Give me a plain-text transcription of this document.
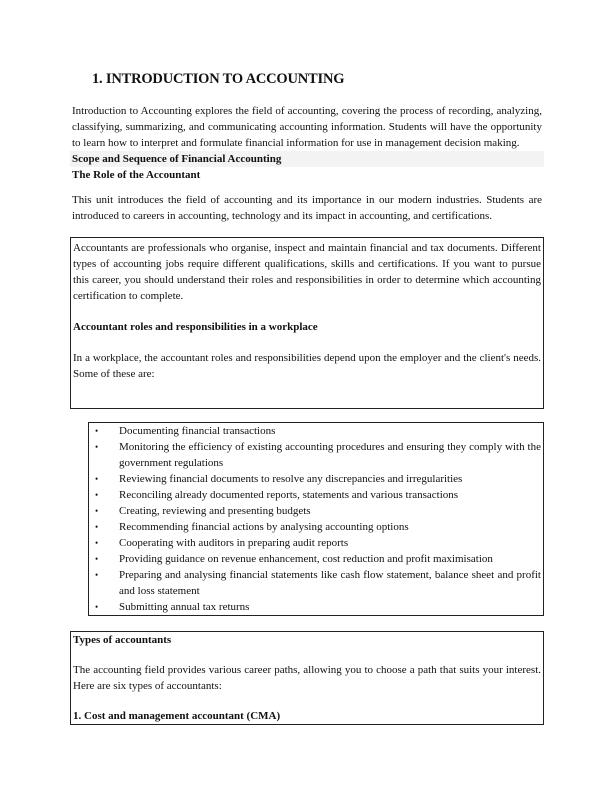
1. INTRODUCTION TO ACCOUNTING

Introduction to Accounting explores the field of accounting, covering the process of recording, analyzing, classifying, summarizing, and communicating accounting information. Students will have the opportunity to learn how to interpret and formulate financial information for use in management decision making.

Scope and Sequence of Financial Accounting
The Role of the Accountant

This unit introduces the field of accounting and its importance in our modern industries. Students are introduced to careers in accounting, technology and its impact in accounting, and certifications.

Accountants are professionals who organise, inspect and maintain financial and tax documents. Different types of accounting jobs require different qualifications, skills and certifications. If you want to pursue this career, you should understand their roles and responsibilities in order to determine which accounting certification to complete.

Accountant roles and responsibilities in a workplace

In a workplace, the accountant roles and responsibilities depend upon the employer and the client's needs. Some of these are:

• Documenting financial transactions
• Monitoring the efficiency of existing accounting procedures and ensuring they comply with the government regulations
• Reviewing financial documents to resolve any discrepancies and irregularities
• Reconciling already documented reports, statements and various transactions
• Creating, reviewing and presenting budgets
• Recommending financial actions by analysing accounting options
• Cooperating with auditors in preparing audit reports
• Providing guidance on revenue enhancement, cost reduction and profit maximisation
• Preparing and analysing financial statements like cash flow statement, balance sheet and profit and loss statement
• Submitting annual tax returns
Types of accountants

The accounting field provides various career paths, allowing you to choose a path that suits your interest. Here are six types of accountants:

1. Cost and management accountant (CMA)
